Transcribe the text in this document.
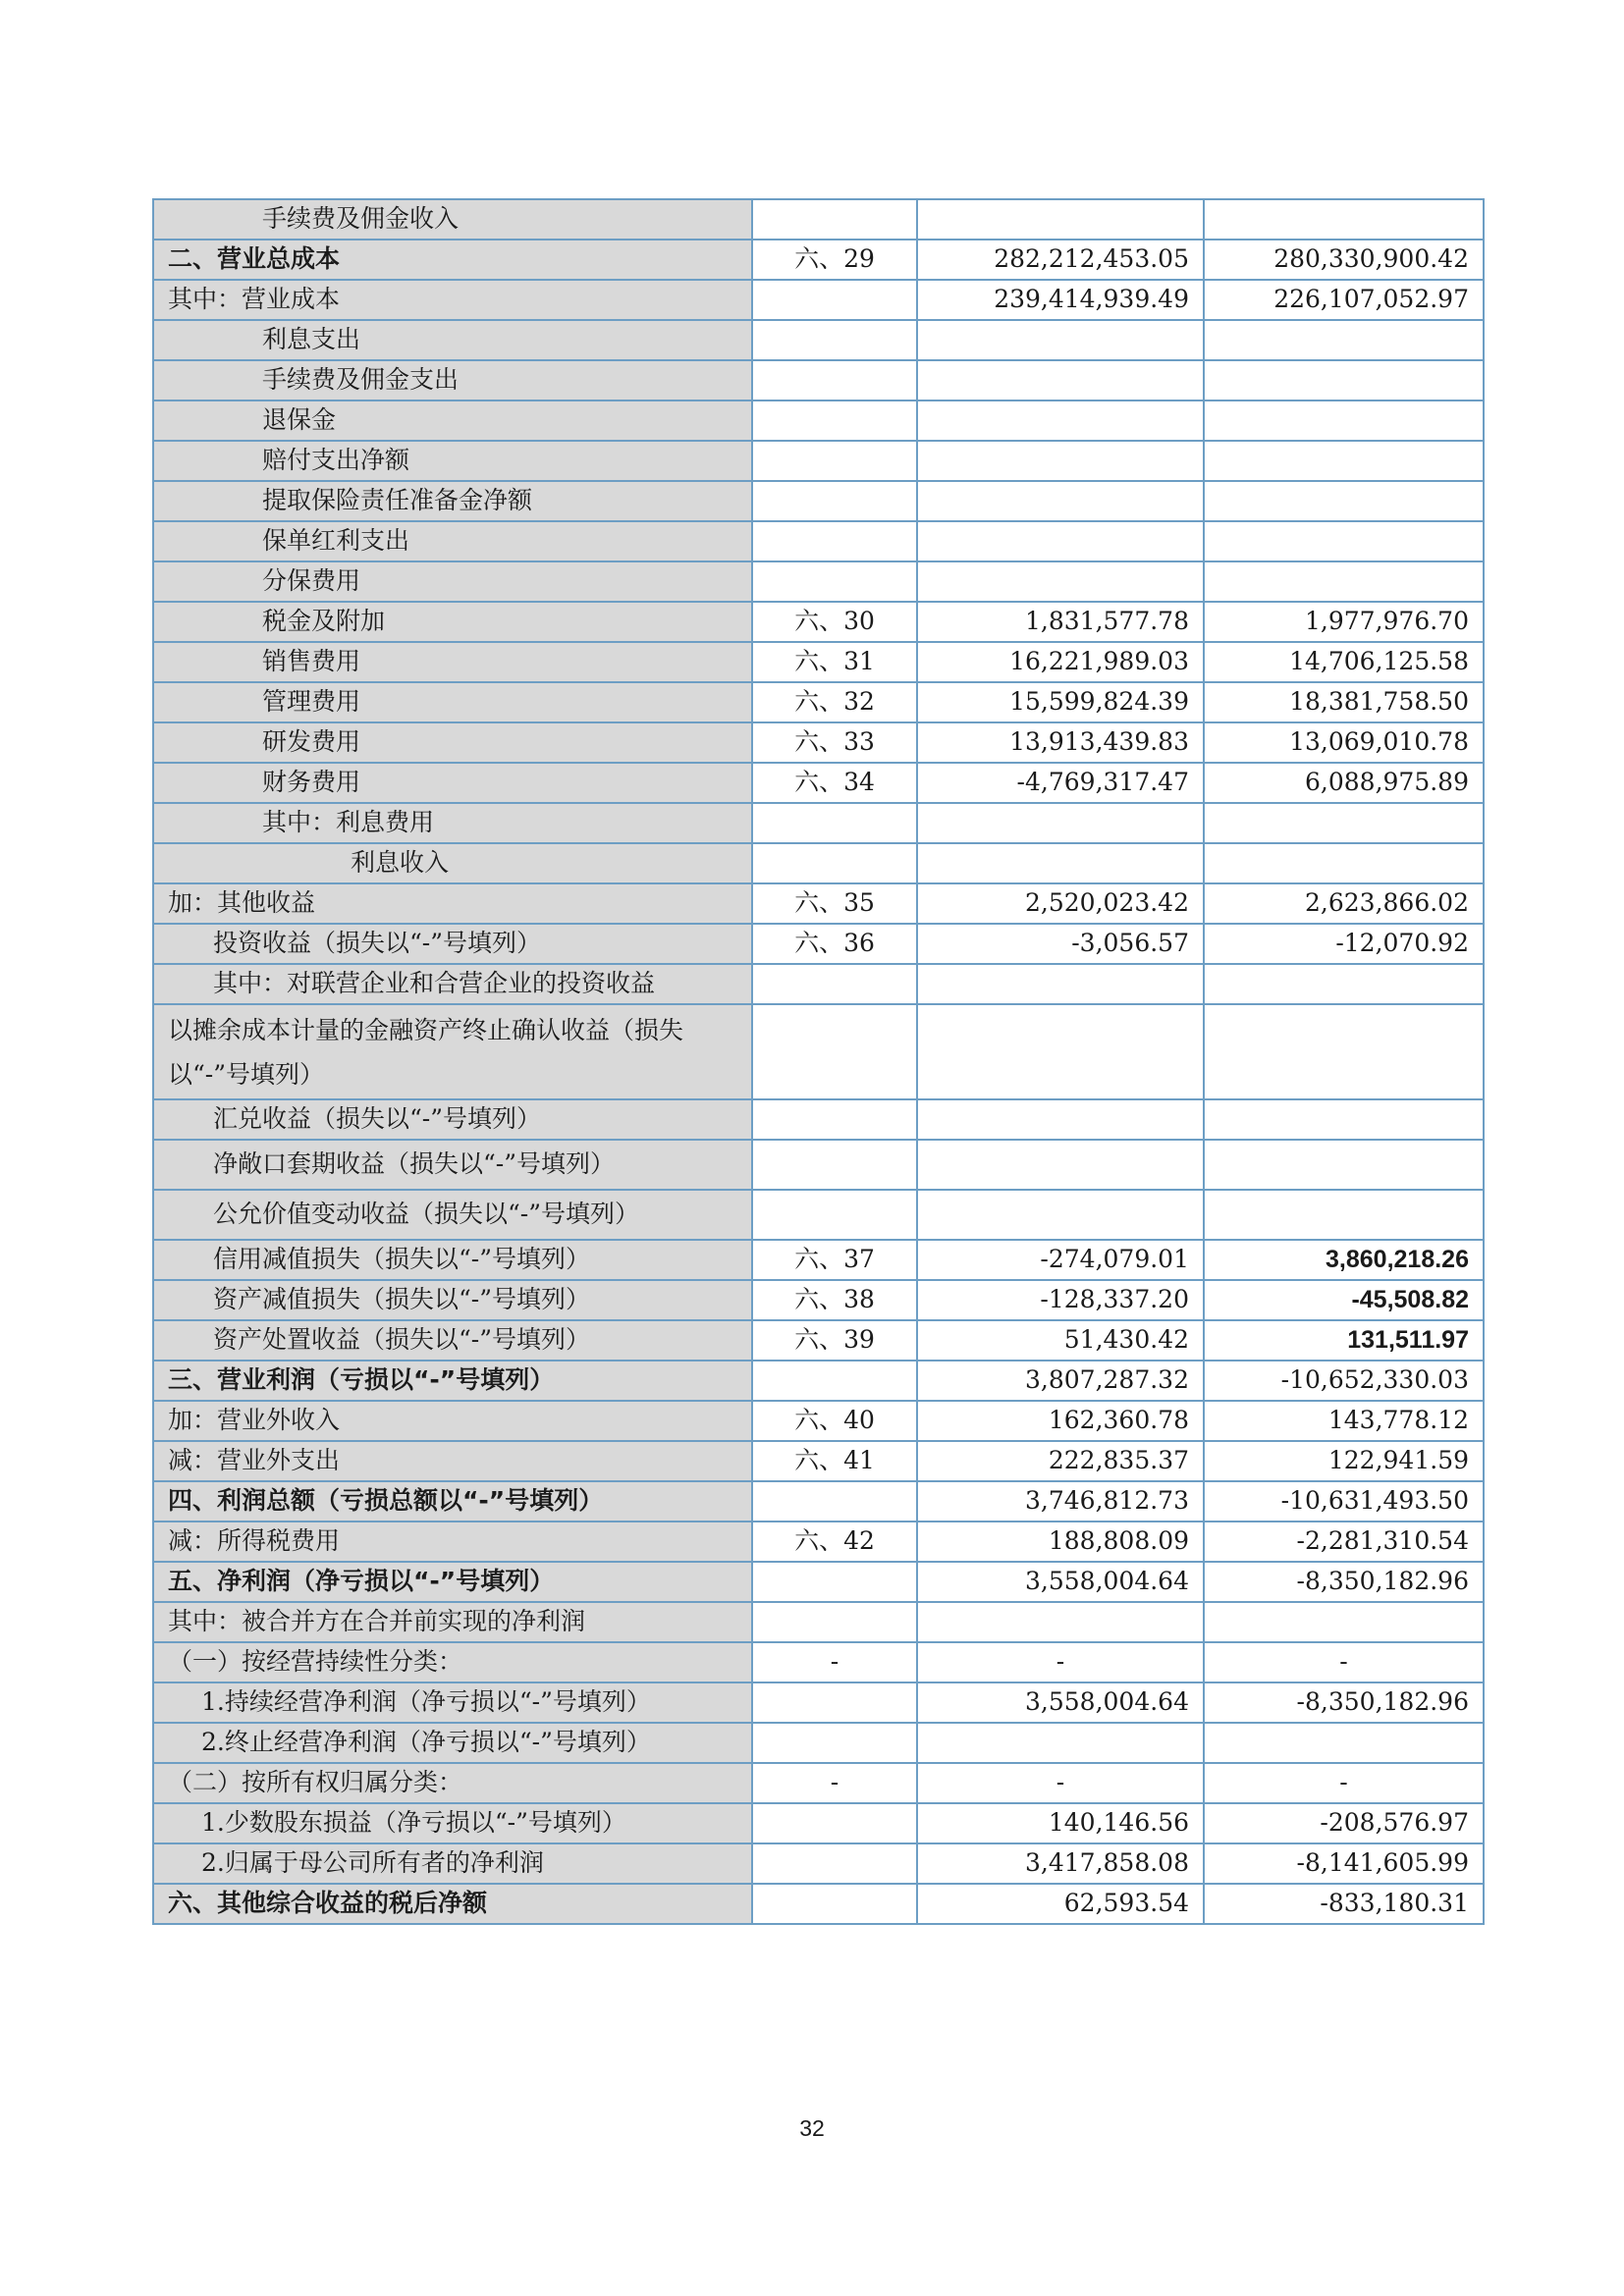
手续费及佣金收入			
二、营业总成本	六、29	282,212,453.05	280,330,900.42
其中：营业成本		239,414,939.49	226,107,052.97
利息支出			
手续费及佣金支出			
退保金			
赔付支出净额			
提取保险责任准备金净额			
保单红利支出			
分保费用			
税金及附加	六、30	1,831,577.78	1,977,976.70
销售费用	六、31	16,221,989.03	14,706,125.58
管理费用	六、32	15,599,824.39	18,381,758.50
研发费用	六、33	13,913,439.83	13,069,010.78
财务费用	六、34	-4,769,317.47	6,088,975.89
其中：利息费用			
利息收入			
加：其他收益	六、35	2,520,023.42	2,623,866.02
投资收益（损失以“-”号填列）	六、36	-3,056.57	-12,070.92
其中：对联营企业和合营企业的投资收益			
以摊余成本计量的金融资产终止确认收益（损失以“-”号填列）			
汇兑收益（损失以“-”号填列）			
净敞口套期收益（损失以“-”号填列）			
公允价值变动收益（损失以“-”号填列）			
信用减值损失（损失以“-”号填列）	六、37	-274,079.01	3,860,218.26
资产减值损失（损失以“-”号填列）	六、38	-128,337.20	-45,508.82
资产处置收益（损失以“-”号填列）	六、39	51,430.42	131,511.97
三、营业利润（亏损以“-”号填列）		3,807,287.32	-10,652,330.03
加：营业外收入	六、40	162,360.78	143,778.12
减：营业外支出	六、41	222,835.37	122,941.59
四、利润总额（亏损总额以“-”号填列）		3,746,812.73	-10,631,493.50
减：所得税费用	六、42	188,808.09	-2,281,310.54
五、净利润（净亏损以“-”号填列）		3,558,004.64	-8,350,182.96
其中：被合并方在合并前实现的净利润			
（一）按经营持续性分类：	-	-	-
1.持续经营净利润（净亏损以“-”号填列）		3,558,004.64	-8,350,182.96
2.终止经营净利润（净亏损以“-”号填列）			
（二）按所有权归属分类：	-	-	-
1.少数股东损益（净亏损以“-”号填列）		140,146.56	-208,576.97
2.归属于母公司所有者的净利润		3,417,858.08	-8,141,605.99
六、其他综合收益的税后净额		62,593.54	-833,180.31
32
